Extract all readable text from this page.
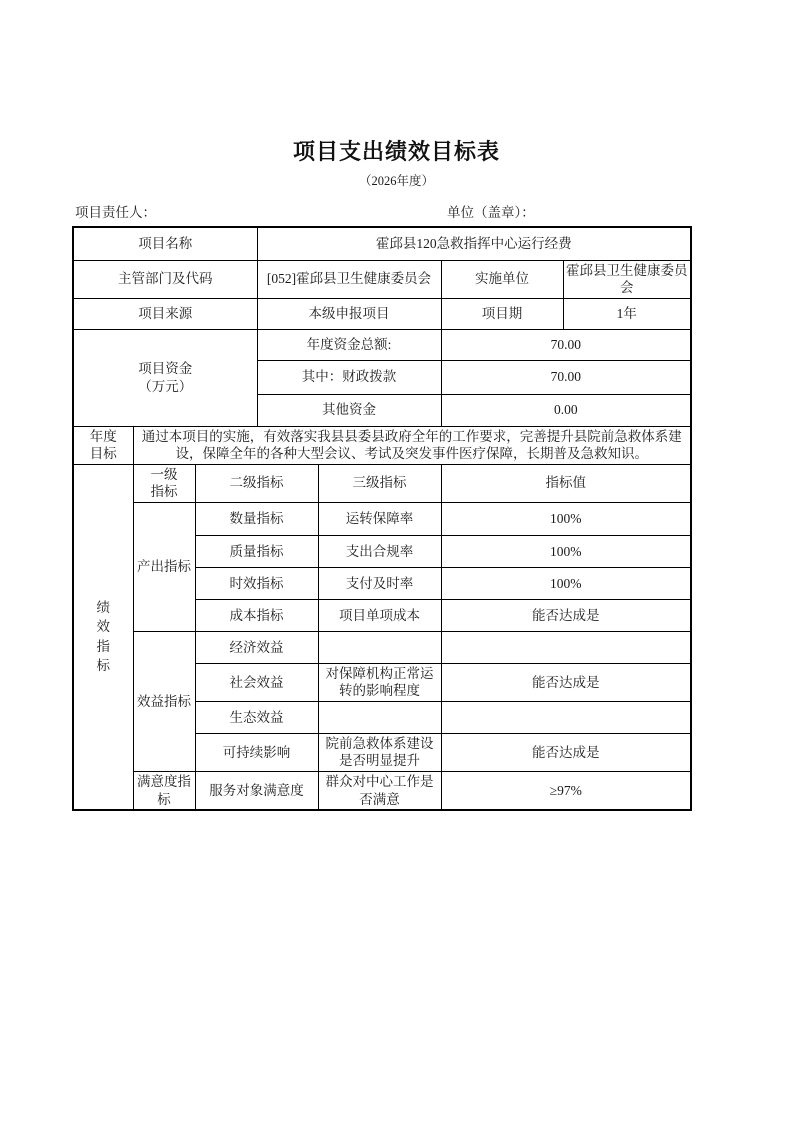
项目支出绩效目标表
（2026年度）
项目责任人：	单位（盖章）：
项目名称			霍邱县120急救指挥中心运行经费			
主管部门及代码			[052]霍邱县卫生健康委员会		实施单位	霍邱县卫生健康委员会
项目来源			本级申报项目		项目期	1年

项目资金
（万元）			年度资金总额:		70.00	
			其中：财政拨款		70.00	
			其他资金		0.00	
年度目标	通过本项目的实施，有效落实我县县委县政府全年的工作要求，完善提升县院前急救体系建设，保障全年的各种大型会议、考试及突发事件医疗保障，长期普及急救知识。					
绩效指标	一级指标	二级指标		三级指标	指标值	
	产出指标	数量指标		运转保障率	100%	
		质量指标		支出合规率	100%	
		时效指标		支付及时率	100%	
		成本指标		项目单项成本	能否达成是	
	效益指标	经济效益				
		社会效益		对保障机构正常运转的影响程度	能否达成是	
		生态效益				
		可持续影响		院前急救体系建设是否明显提升	能否达成是	
	满意度指标	服务对象满意度		群众对中心工作是否满意	≥97%	
